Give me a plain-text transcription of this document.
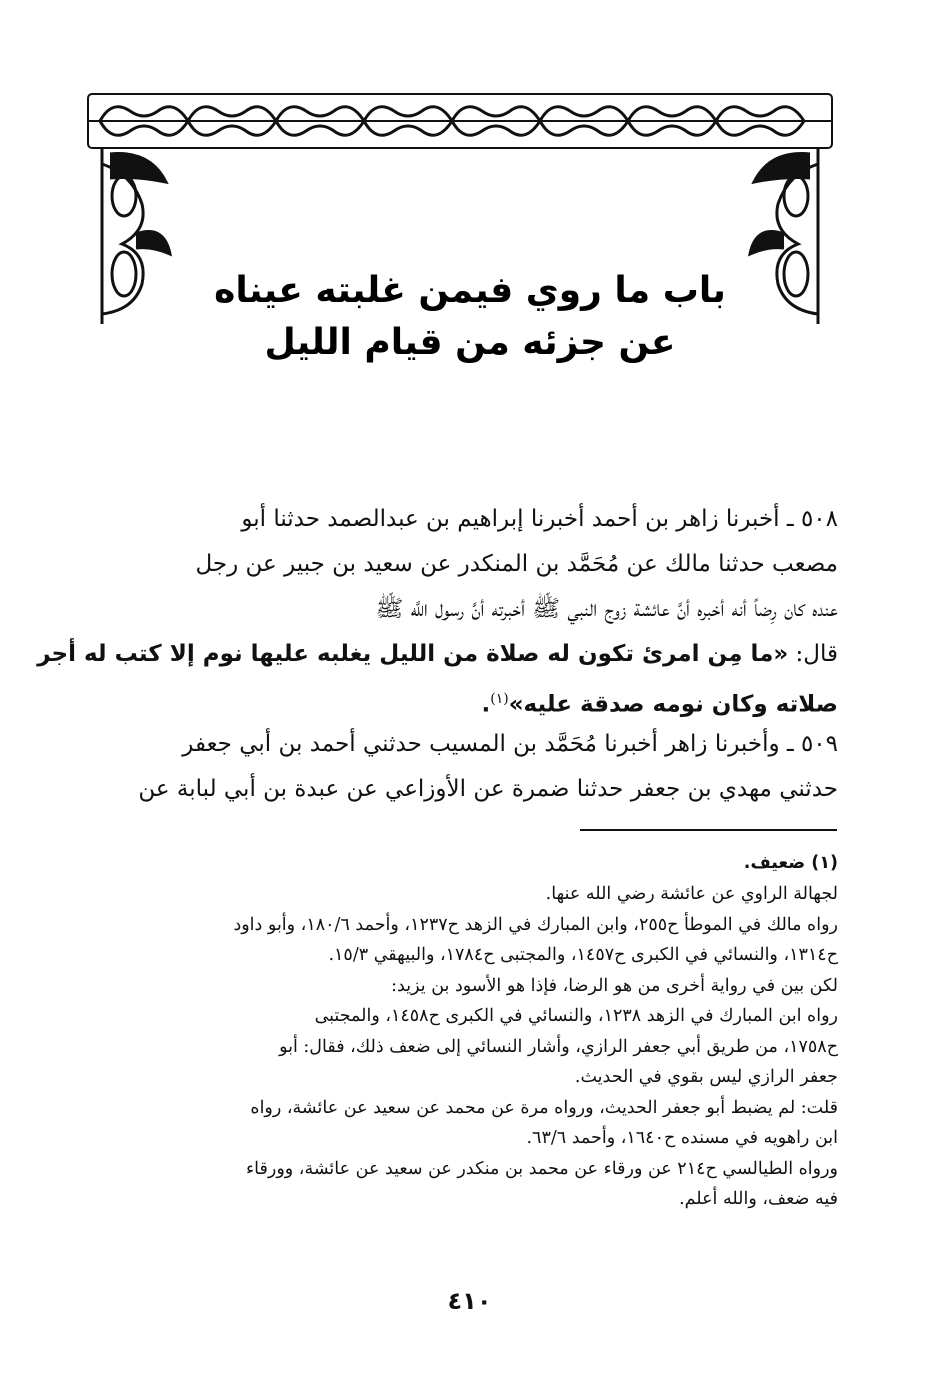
باب ما روي فيمن غلبته عيناه
عن جزئه من قيام الليل
٥٠٨ ـ أخبرنا زاهر بن أحمد أخبرنا إبراهيم بن عبدالصمد حدثنا أبو
مصعب حدثنا مالك عن مُحَمَّد بن المنكدر عن سعيد بن جبير عن رجل
عنده كان رِضاً أنه أخبره أنَّ عائشة زوج النبي ﷺ أخبرته أنَّ رسول اللَّه ﷺ
قال: «ما مِن امرئ تكون له صلاة من الليل يغلبه عليها نوم إلا كتب له أجر
صلاته وكان نومه صدقة عليه»$^{(١)}$.
٥٠٩ ـ وأخبرنا زاهر أخبرنا مُحَمَّد بن المسيب حدثني أحمد بن أبي جعفر
حدثني مهدي بن جعفر حدثنا ضمرة عن الأوزاعي عن عبدة بن أبي لبابة عن
(١) ضعيف.
لجهالة الراوي عن عائشة رضي الله عنها.
رواه مالك في الموطأ ح٢٥٥، وابن المبارك في الزهد ح١٢٣٧، وأحمد ١٨٠/٦، وأبو داود
ح١٣١٤، والنسائي في الكبرى ح١٤٥٧، والمجتبى ح١٧٨٤، والبيهقي ١٥/٣.
لكن بين في رواية أخرى من هو الرضا، فإذا هو الأسود بن يزيد:
رواه ابن المبارك في الزهد ١٢٣٨، والنسائي في الكبرى ح١٤٥٨، والمجتبى
ح١٧٥٨، من طريق أبي جعفر الرازي، وأشار النسائي إلى ضعف ذلك، فقال: أبو
جعفر الرازي ليس بقوي في الحديث.
قلت: لم يضبط أبو جعفر الحديث، ورواه مرة عن محمد عن سعيد عن عائشة، رواه
ابن راهويه في مسنده ح١٦٤٠، وأحمد ٦٣/٦.
ورواه الطيالسي ح٢١٤ عن ورقاء عن محمد بن منكدر عن سعيد عن عائشة، وورقاء
فيه ضعف، والله أعلم.
٤١٠
